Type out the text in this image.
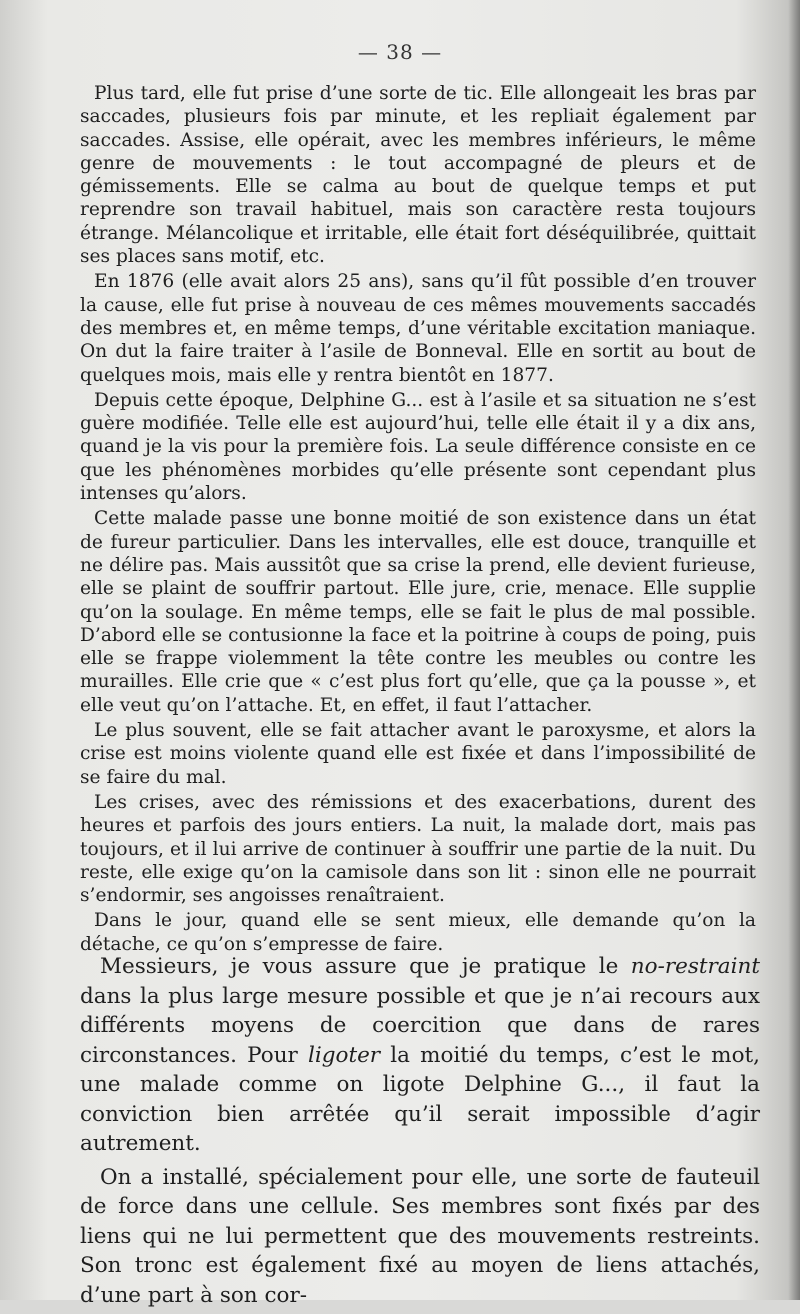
— 38 —

Plus tard, elle fut prise d’une sorte de tic. Elle allongeait les bras par saccades, plusieurs fois par minute, et les repliait également par saccades. Assise, elle opérait, avec les membres inférieurs, le même genre de mouvements : le tout accompagné de pleurs et de gémissements. Elle se calma au bout de quelque temps et put reprendre son travail habituel, mais son caractère resta toujours étrange. Mélancolique et irritable, elle était fort déséquilibrée, quittait ses places sans motif, etc.

En 1876 (elle avait alors 25 ans), sans qu’il fût possible d’en trouver la cause, elle fut prise à nouveau de ces mêmes mouvements saccadés des membres et, en même temps, d’une véritable excitation maniaque. On dut la faire traiter à l’asile de Bonneval. Elle en sortit au bout de quelques mois, mais elle y rentra bientôt en 1877.

Depuis cette époque, Delphine G... est à l’asile et sa situation ne s’est guère modifiée. Telle elle est aujourd’hui, telle elle était il y a dix ans, quand je la vis pour la première fois. La seule différence consiste en ce que les phénomènes morbides qu’elle présente sont cependant plus intenses qu’alors.

Cette malade passe une bonne moitié de son existence dans un état de fureur particulier. Dans les intervalles, elle est douce, tranquille et ne délire pas. Mais aussitôt que sa crise la prend, elle devient furieuse, elle se plaint de souffrir partout. Elle jure, crie, menace. Elle supplie qu’on la soulage. En même temps, elle se fait le plus de mal possible. D’abord elle se contusionne la face et la poitrine à coups de poing, puis elle se frappe violemment la tête contre les meubles ou contre les murailles. Elle crie que « c’est plus fort qu’elle, que ça la pousse », et elle veut qu’on l’attache. Et, en effet, il faut l’attacher.

Le plus souvent, elle se fait attacher avant le paroxysme, et alors la crise est moins violente quand elle est fixée et dans l’impossibilité de se faire du mal.

Les crises, avec des rémissions et des exacerbations, durent des heures et parfois des jours entiers. La nuit, la malade dort, mais pas toujours, et il lui arrive de continuer à souffrir une partie de la nuit. Du reste, elle exige qu’on la camisole dans son lit : sinon elle ne pourrait s’endormir, ses angoisses renaîtraient.

Dans le jour, quand elle se sent mieux, elle demande qu’on la détache, ce qu’on s’empresse de faire.

Messieurs, je vous assure que je pratique le no-restraint dans la plus large mesure possible et que je n’ai recours aux différents moyens de coercition que dans de rares circonstances. Pour ligoter la moitié du temps, c’est le mot, une malade comme on ligote Delphine G..., il faut la conviction bien arrêtée qu’il serait impossible d’agir autrement.

On a installé, spécialement pour elle, une sorte de fauteuil de force dans une cellule. Ses membres sont fixés par des liens qui ne lui permettent que des mouvements restreints. Son tronc est également fixé au moyen de liens attachés, d’une part à son cor-
